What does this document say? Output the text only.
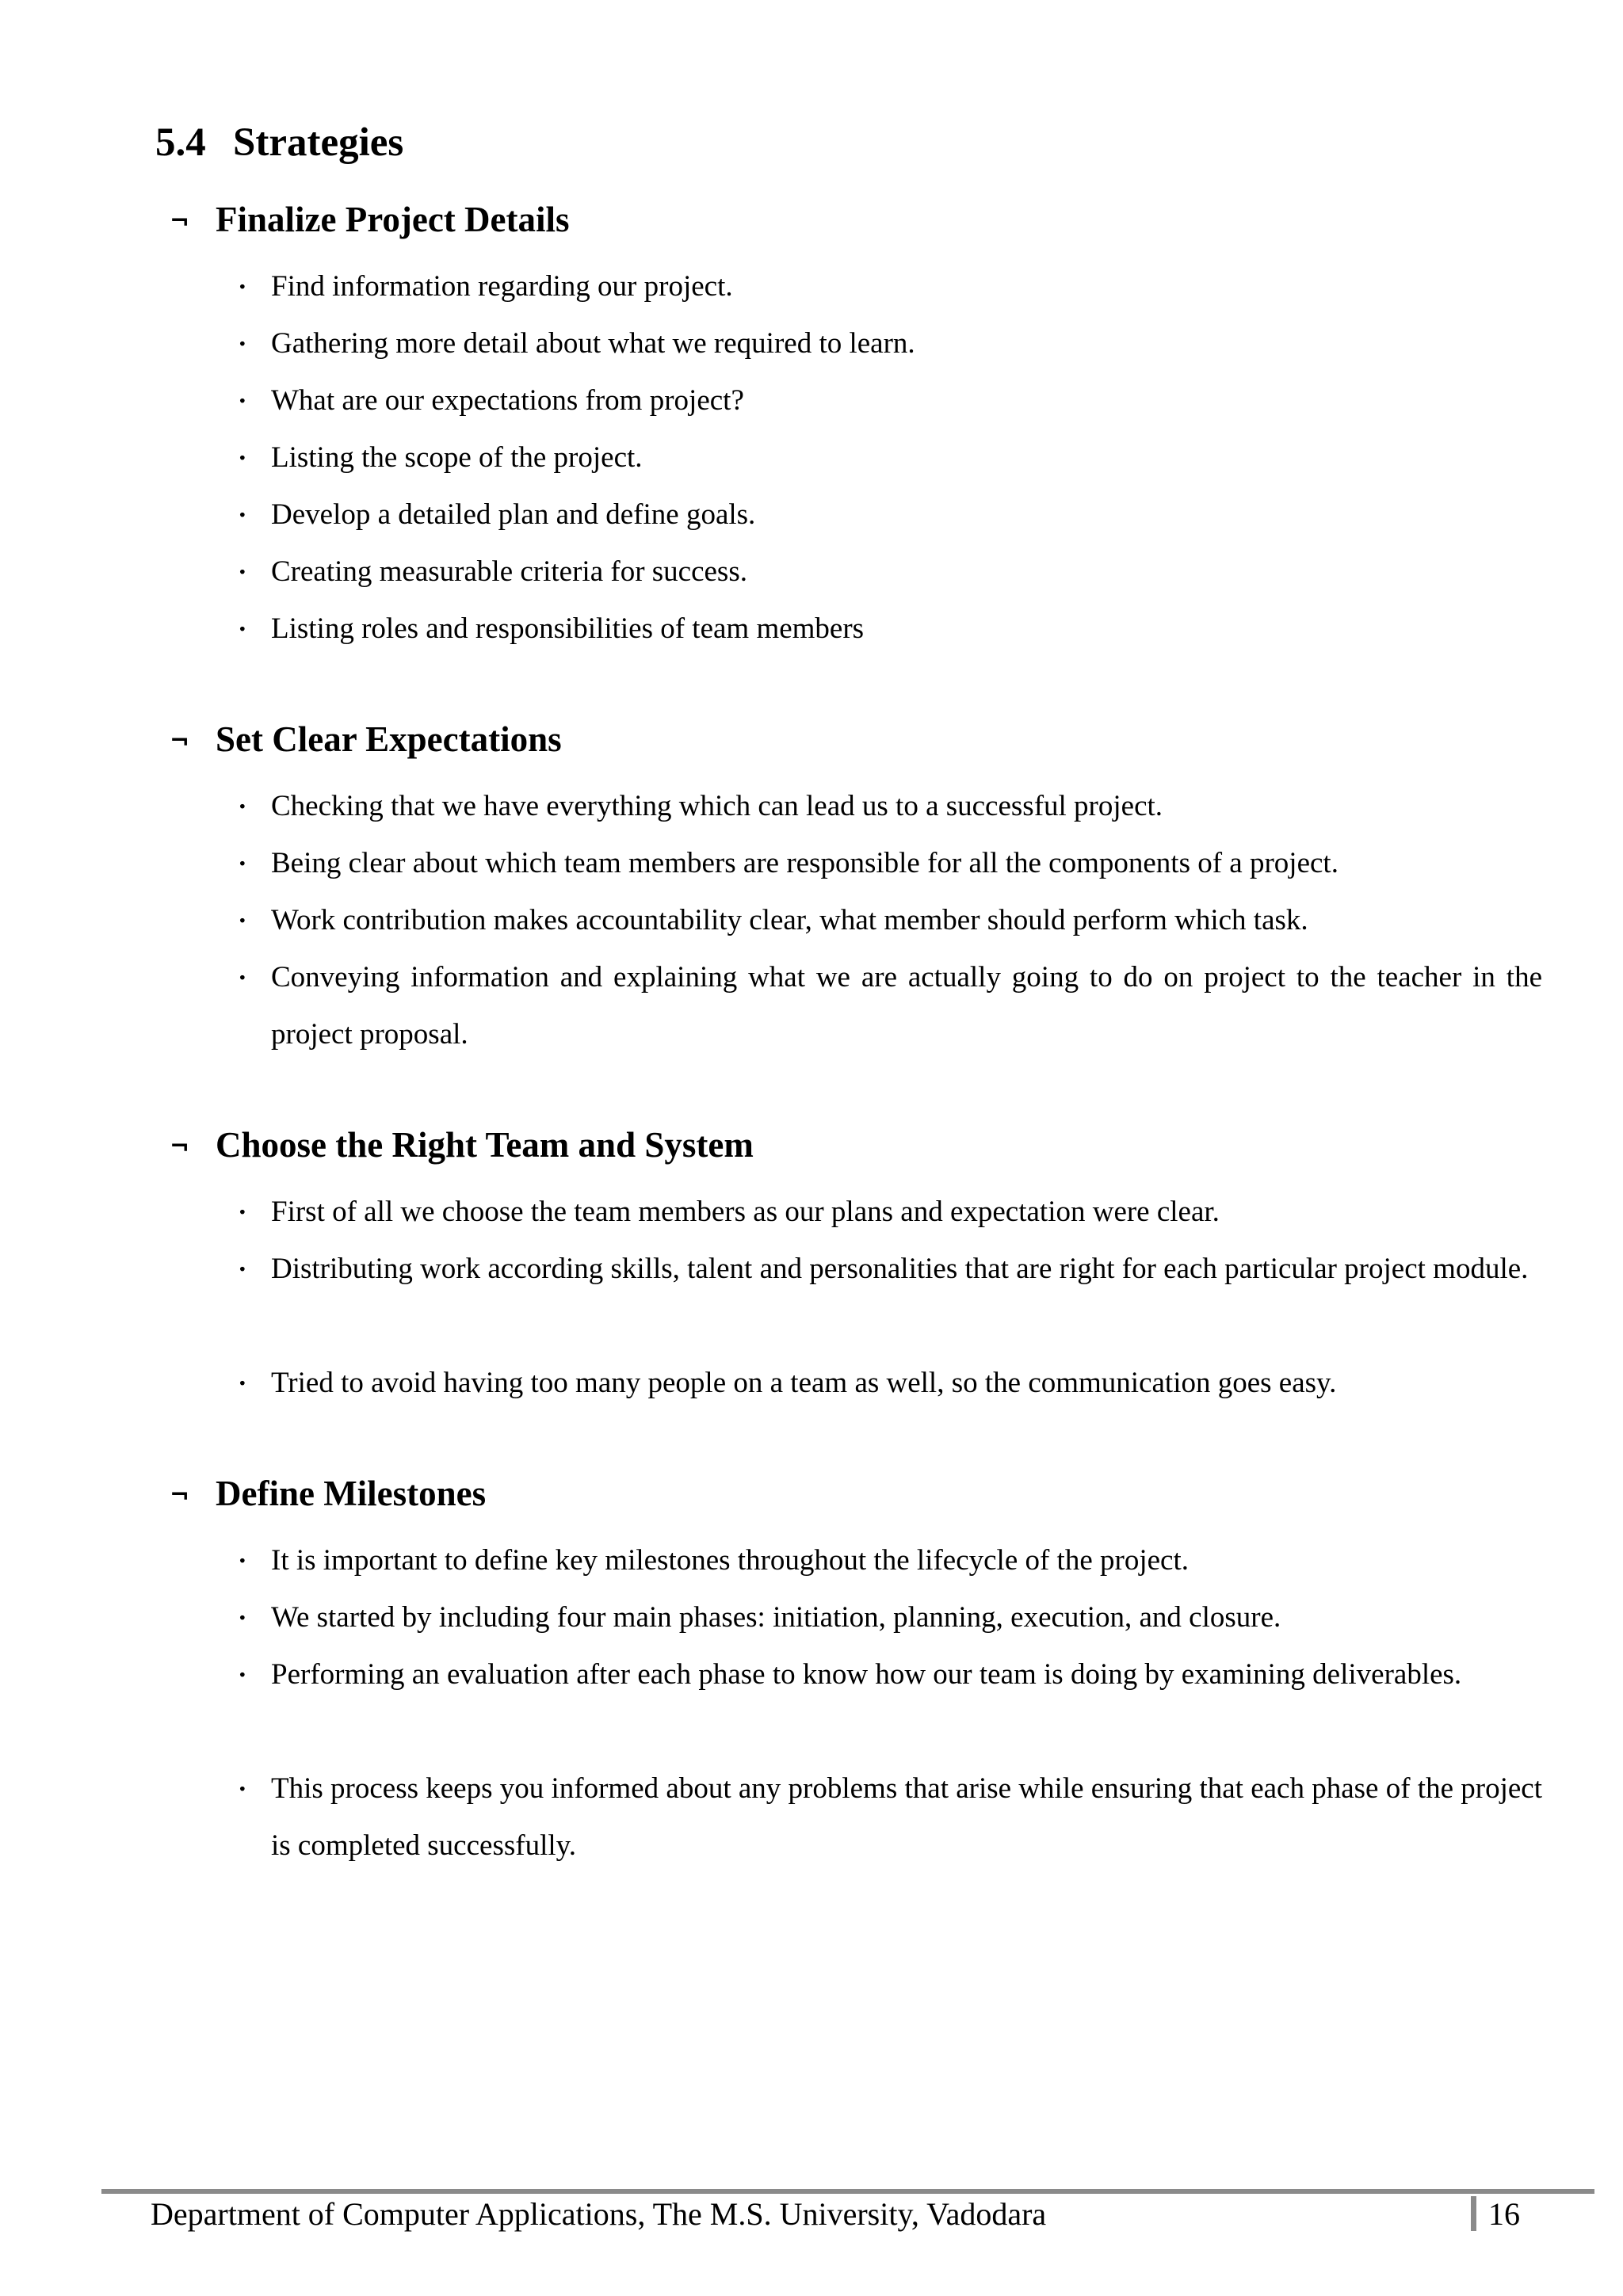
5.4 Strategies
¬ Finalize Project Details
· Find information regarding our project.
· Gathering more detail about what we required to learn.
· What are our expectations from project?
· Listing the scope of the project.
· Develop a detailed plan and define goals.
· Creating measurable criteria for success.
· Listing roles and responsibilities of team members
¬ Set Clear Expectations
· Checking that we have everything which can lead us to a successful project.
· Being clear about which team members are responsible for all the components of a project.
· Work contribution makes accountability clear, what member should perform which task.
· Conveying information and explaining what we are actually going to do on project to the teacher in the project proposal.
¬ Choose the Right Team and System
· First of all we choose the team members as our plans and expectation were clear.
· Distributing work according skills, talent and personalities that are right for each particular project module.
· Tried to avoid having too many people on a team as well, so the communication goes easy.
¬ Define Milestones
· It is important to define key milestones throughout the lifecycle of the project.
· We started by including four main phases: initiation, planning, execution, and closure.
· Performing an evaluation after each phase to know how our team is doing by examining deliverables.
· This process keeps you informed about any problems that arise while ensuring that each phase of the project is completed successfully.
Department of Computer Applications, The M.S. University, Vadodara	16
